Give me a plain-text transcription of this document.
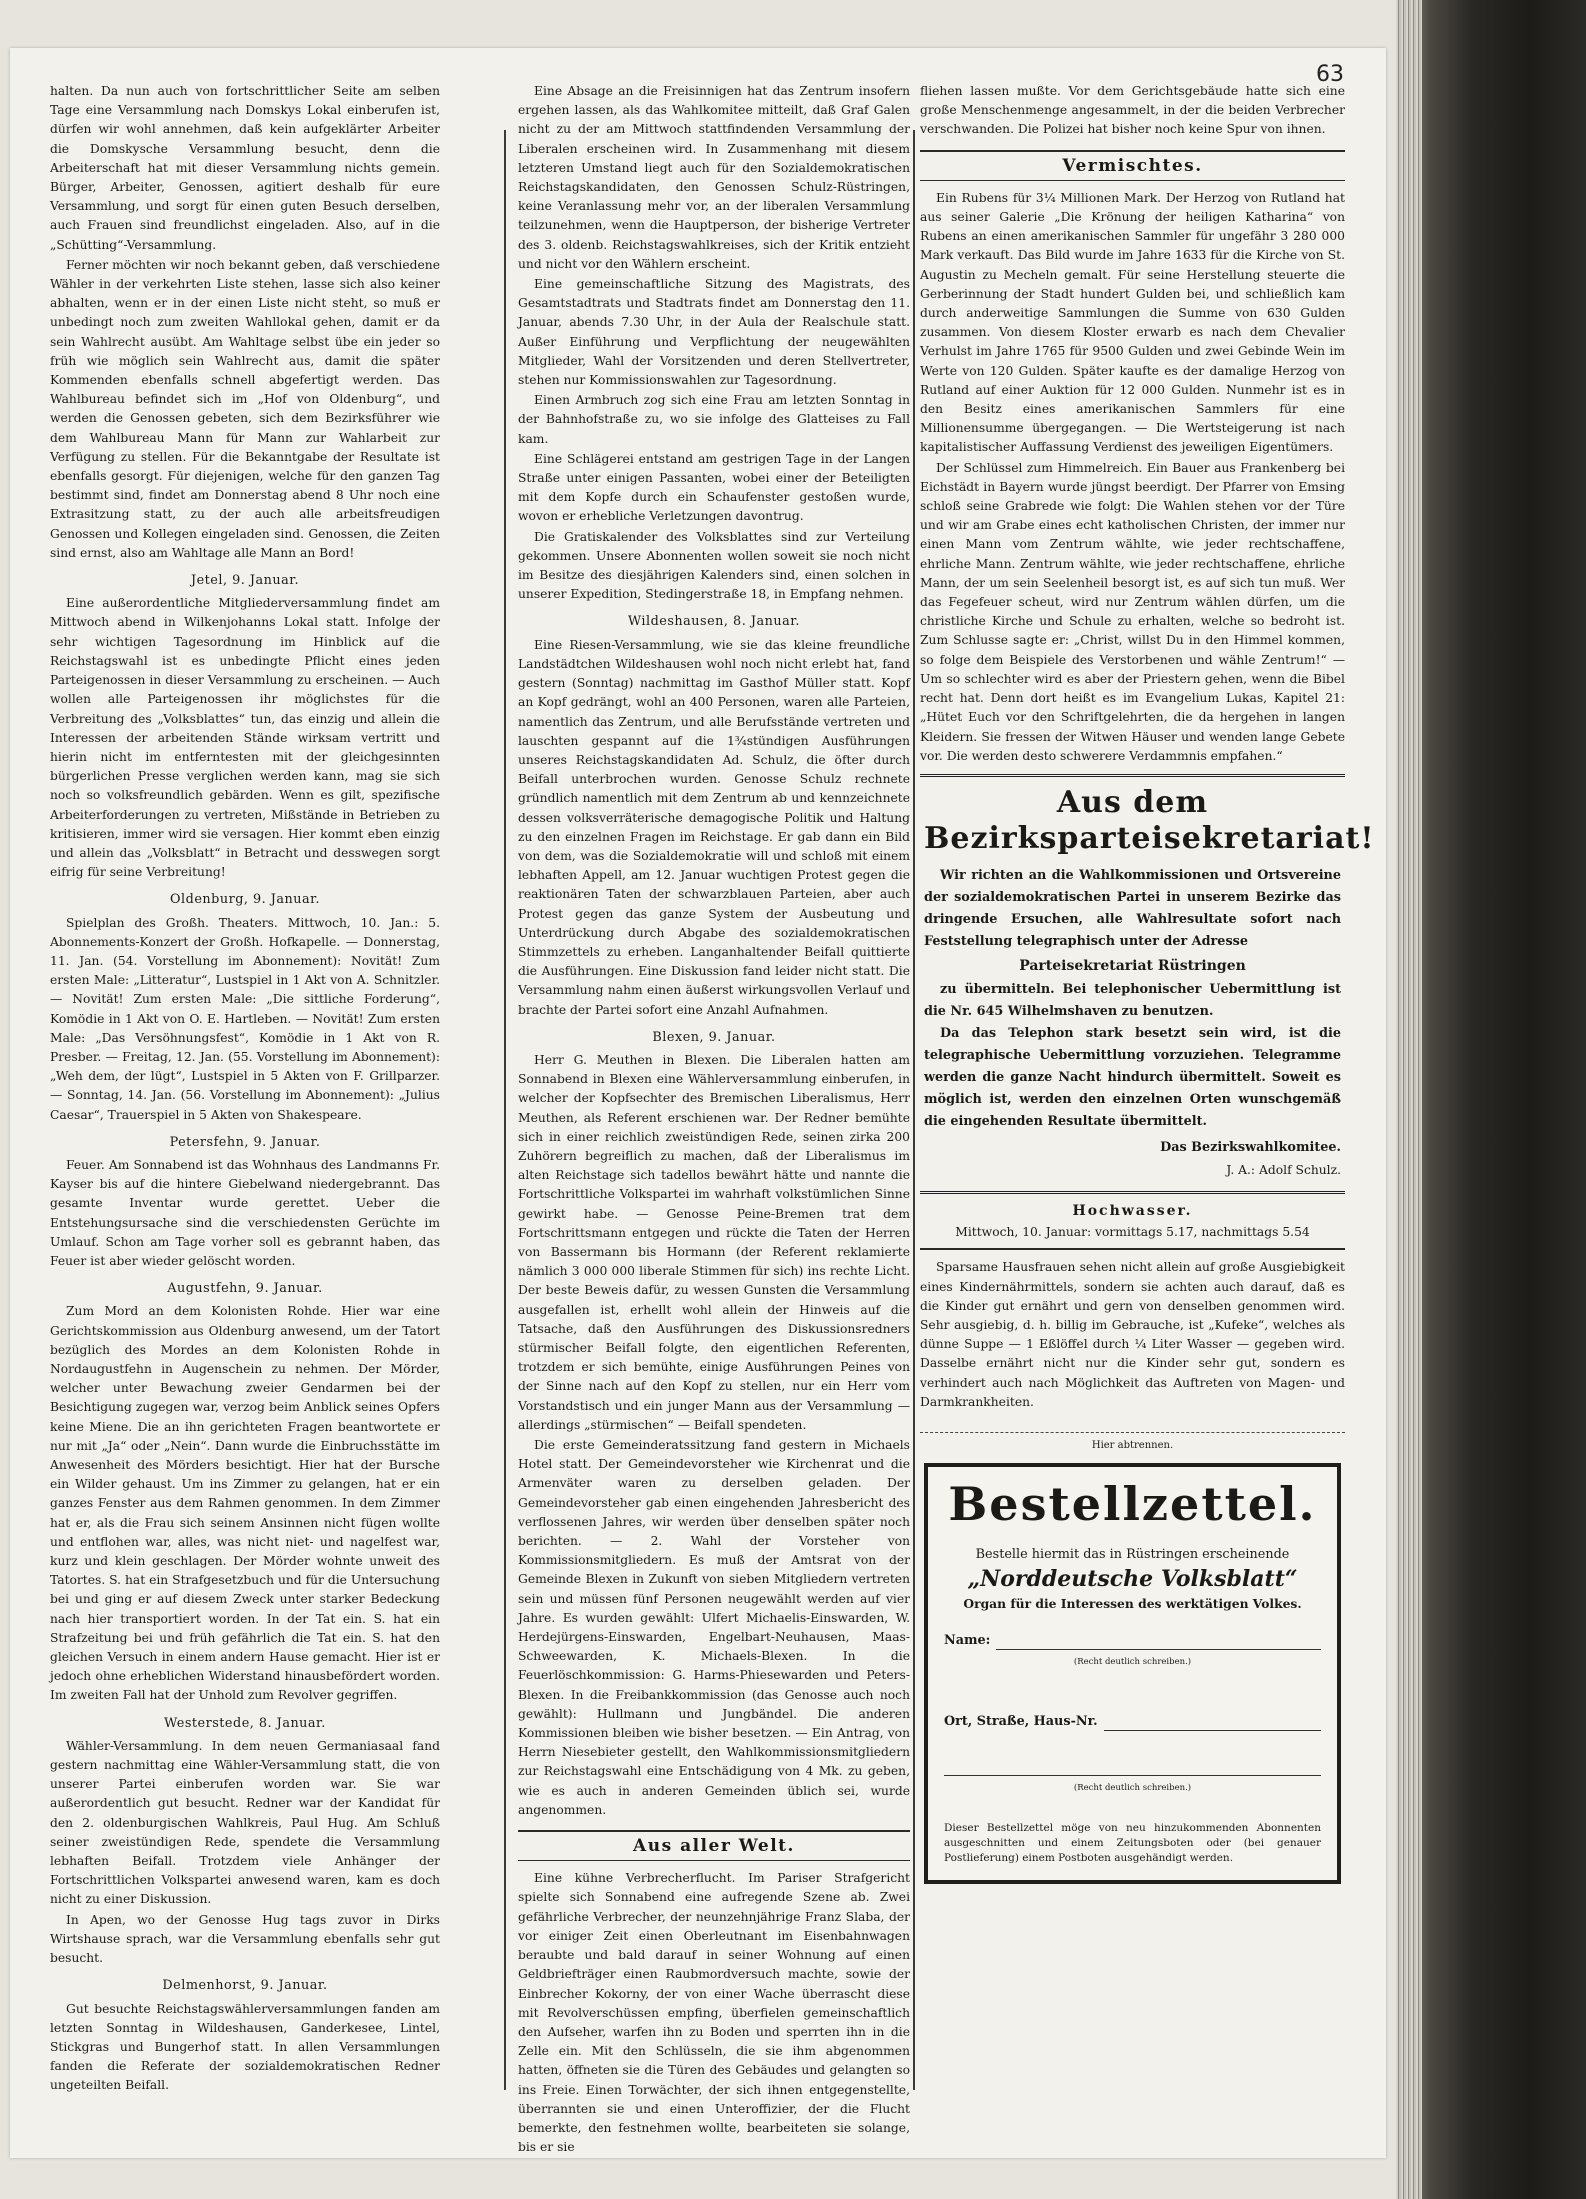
63

halten. Da nun auch von fortschrittlicher Seite am selben Tage eine Versammlung nach Domskys Lokal einberufen ist, dürfen wir wohl annehmen, daß kein aufgeklärter Arbeiter die Domskysche Versammlung besucht, denn die Arbeiterschaft hat mit dieser Versammlung nichts gemein. Bürger, Arbeiter, Genossen, agitiert deshalb für eure Versammlung, und sorgt für einen guten Besuch derselben, auch Frauen sind freundlichst eingeladen. Also, auf in die „Schütting“-Versammlung.

Ferner möchten wir noch bekannt geben, daß verschiedene Wähler in der verkehrten Liste stehen, lasse sich also keiner abhalten, wenn er in der einen Liste nicht steht, so muß er unbedingt noch zum zweiten Wahllokal gehen, damit er da sein Wahlrecht ausübt. Am Wahltage selbst übe ein jeder so früh wie möglich sein Wahlrecht aus, damit die später Kommenden ebenfalls schnell abgefertigt werden. Das Wahlbureau befindet sich im „Hof von Oldenburg“, und werden die Genossen gebeten, sich dem Bezirksführer wie dem Wahlbureau Mann für Mann zur Wahlarbeit zur Verfügung zu stellen. Für die Bekanntgabe der Resultate ist ebenfalls gesorgt. Für diejenigen, welche für den ganzen Tag bestimmt sind, findet am Donnerstag abend 8 Uhr noch eine Extrasitzung statt, zu der auch alle arbeitsfreudigen Genossen und Kollegen eingeladen sind. Genossen, die Zeiten sind ernst, also am Wahltage alle Mann an Bord!

Jetel, 9. Januar.

Eine außerordentliche Mitgliederversammlung findet am Mittwoch abend in Wilkenjohanns Lokal statt. Infolge der sehr wichtigen Tagesordnung im Hinblick auf die Reichstagswahl ist es unbedingte Pflicht eines jeden Parteigenossen in dieser Versammlung zu erscheinen. — Auch wollen alle Parteigenossen ihr möglichstes für die Verbreitung des „Volksblattes“ tun, das einzig und allein die Interessen der arbeitenden Stände wirksam vertritt und hierin nicht im entferntesten mit der gleichgesinnten bürgerlichen Presse verglichen werden kann, mag sie sich noch so volksfreundlich gebärden. Wenn es gilt, spezifische Arbeiterforderungen zu vertreten, Mißstände in Betrieben zu kritisieren, immer wird sie versagen. Hier kommt eben einzig und allein das „Volksblatt“ in Betracht und desswegen sorgt eifrig für seine Verbreitung!

Oldenburg, 9. Januar.

Spielplan des Großh. Theaters. Mittwoch, 10. Jan.: 5. Abonnements-Konzert der Großh. Hofkapelle. — Donnerstag, 11. Jan. (54. Vorstellung im Abonnement): Novität! Zum ersten Male: „Litteratur“, Lustspiel in 1 Akt von A. Schnitzler. — Novität! Zum ersten Male: „Die sittliche Forderung“, Komödie in 1 Akt von O. E. Hartleben. — Novität! Zum ersten Male: „Das Versöhnungsfest“, Komödie in 1 Akt von R. Presber. — Freitag, 12. Jan. (55. Vorstellung im Abonnement): „Weh dem, der lügt“, Lustspiel in 5 Akten von F. Grillparzer. — Sonntag, 14. Jan. (56. Vorstellung im Abonnement): „Julius Caesar“, Trauerspiel in 5 Akten von Shakespeare.

Petersfehn, 9. Januar.

Feuer. Am Sonnabend ist das Wohnhaus des Landmanns Fr. Kayser bis auf die hintere Giebelwand niedergebrannt. Das gesamte Inventar wurde gerettet. Ueber die Entstehungsursache sind die verschiedensten Gerüchte im Umlauf. Schon am Tage vorher soll es gebrannt haben, das Feuer ist aber wieder gelöscht worden.

Augustfehn, 9. Januar.

Zum Mord an dem Kolonisten Rohde. Hier war eine Gerichtskommission aus Oldenburg anwesend, um der Tatort bezüglich des Mordes an dem Kolonisten Rohde in Nordaugustfehn in Augenschein zu nehmen. Der Mörder, welcher unter Bewachung zweier Gendarmen bei der Besichtigung zugegen war, verzog beim Anblick seines Opfers keine Miene. Die an ihn gerichteten Fragen beantwortete er nur mit „Ja“ oder „Nein“. Dann wurde die Einbruchsstätte im Anwesenheit des Mörders besichtigt. Hier hat der Bursche ein Wilder gehaust. Um ins Zimmer zu gelangen, hat er ein ganzes Fenster aus dem Rahmen genommen. In dem Zimmer hat er, als die Frau sich seinem Ansinnen nicht fügen wollte und entflohen war, alles, was nicht niet- und nagelfest war, kurz und klein geschlagen. Der Mörder wohnte unweit des Tatortes. S. hat ein Strafgesetzbuch und für die Untersuchung bei und ging er auf diesem Zweck unter starker Bedeckung nach hier transportiert worden. In der Tat ein. S. hat ein Strafzeitung bei und früh gefährlich die Tat ein. S. hat den gleichen Versuch in einem andern Hause gemacht. Hier ist er jedoch ohne erheblichen Widerstand hinausbefördert worden. Im zweiten Fall hat der Unhold zum Revolver gegriffen.

Westerstede, 8. Januar.

Wähler-Versammlung. In dem neuen Germaniasaal fand gestern nachmittag eine Wähler-Versammlung statt, die von unserer Partei einberufen worden war. Sie war außerordentlich gut besucht. Redner war der Kandidat für den 2. oldenburgischen Wahlkreis, Paul Hug. Am Schluß seiner zweistündigen Rede, spendete die Versammlung lebhaften Beifall. Trotzdem viele Anhänger der Fortschrittlichen Volkspartei anwesend waren, kam es doch nicht zu einer Diskussion.

In Apen, wo der Genosse Hug tags zuvor in Dirks Wirtshause sprach, war die Versammlung ebenfalls sehr gut besucht.

Delmenhorst, 9. Januar.

Gut besuchte Reichstagswählerversammlungen fanden am letzten Sonntag in Wildeshausen, Ganderkesee, Lintel, Stickgras und Bungerhof statt. In allen Versammlungen fanden die Referate der sozialdemokratischen Redner ungeteilten Beifall.

Eine Absage an die Freisinnigen hat das Zentrum insofern ergehen lassen, als das Wahlkomitee mitteilt, daß Graf Galen nicht zu der am Mittwoch stattfindenden Versammlung der Liberalen erscheinen wird. In Zusammenhang mit diesem letzteren Umstand liegt auch für den Sozialdemokratischen Reichstagskandidaten, den Genossen Schulz-Rüstringen, keine Veranlassung mehr vor, an der liberalen Versammlung teilzunehmen, wenn die Hauptperson, der bisherige Vertreter des 3. oldenb. Reichstagswahlkreises, sich der Kritik entzieht und nicht vor den Wählern erscheint.

Eine gemeinschaftliche Sitzung des Magistrats, des Gesamtstadtrats und Stadtrats findet am Donnerstag den 11. Januar, abends 7.30 Uhr, in der Aula der Realschule statt. Außer Einführung und Verpflichtung der neugewählten Mitglieder, Wahl der Vorsitzenden und deren Stellvertreter, stehen nur Kommissionswahlen zur Tagesordnung.

Einen Armbruch zog sich eine Frau am letzten Sonntag in der Bahnhofstraße zu, wo sie infolge des Glatteises zu Fall kam.

Eine Schlägerei entstand am gestrigen Tage in der Langen Straße unter einigen Passanten, wobei einer der Beteiligten mit dem Kopfe durch ein Schaufenster gestoßen wurde, wovon er erhebliche Verletzungen davontrug.

Die Gratiskalender des Volksblattes sind zur Verteilung gekommen. Unsere Abonnenten wollen soweit sie noch nicht im Besitze des diesjährigen Kalenders sind, einen solchen in unserer Expedition, Stedingerstraße 18, in Empfang nehmen.

Wildeshausen, 8. Januar.

Eine Riesen-Versammlung, wie sie das kleine freundliche Landstädtchen Wildeshausen wohl noch nicht erlebt hat, fand gestern (Sonntag) nachmittag im Gasthof Müller statt. Kopf an Kopf gedrängt, wohl an 400 Personen, waren alle Parteien, namentlich das Zentrum, und alle Berufsstände vertreten und lauschten gespannt auf die 1¾stündigen Ausführungen unseres Reichstagskandidaten Ad. Schulz, die öfter durch Beifall unterbrochen wurden. Genosse Schulz rechnete gründlich namentlich mit dem Zentrum ab und kennzeichnete dessen volksverräterische demagogische Politik und Haltung zu den einzelnen Fragen im Reichstage. Er gab dann ein Bild von dem, was die Sozialdemokratie will und schloß mit einem lebhaften Appell, am 12. Januar wuchtigen Protest gegen die reaktionären Taten der schwarzblauen Parteien, aber auch Protest gegen das ganze System der Ausbeutung und Unterdrückung durch Abgabe des sozialdemokratischen Stimmzettels zu erheben. Langanhaltender Beifall quittierte die Ausführungen. Eine Diskussion fand leider nicht statt. Die Versammlung nahm einen äußerst wirkungsvollen Verlauf und brachte der Partei sofort eine Anzahl Aufnahmen.

Blexen, 9. Januar.

Herr G. Meuthen in Blexen. Die Liberalen hatten am Sonnabend in Blexen eine Wählerversammlung einberufen, in welcher der Kopfsechter des Bremischen Liberalismus, Herr Meuthen, als Referent erschienen war. Der Redner bemühte sich in einer reichlich zweistündigen Rede, seinen zirka 200 Zuhörern begreiflich zu machen, daß der Liberalismus im alten Reichstage sich tadellos bewährt hätte und nannte die Fortschrittliche Volkspartei im wahrhaft volkstümlichen Sinne gewirkt habe. — Genosse Peine-Bremen trat dem Fortschrittsmann entgegen und rückte die Taten der Herren von Bassermann bis Hormann (der Referent reklamierte nämlich 3 000 000 liberale Stimmen für sich) ins rechte Licht. Der beste Beweis dafür, zu wessen Gunsten die Versammlung ausgefallen ist, erhellt wohl allein der Hinweis auf die Tatsache, daß den Ausführungen des Diskussionsredners stürmischer Beifall folgte, den eigentlichen Referenten, trotzdem er sich bemühte, einige Ausführungen Peines von der Sinne nach auf den Kopf zu stellen, nur ein Herr vom Vorstandstisch und ein junger Mann aus der Versammlung — allerdings „stürmischen“ — Beifall spendeten.

Die erste Gemeinderatssitzung fand gestern in Michaels Hotel statt. Der Gemeindevorsteher wie Kirchenrat und die Armenväter waren zu derselben geladen. Der Gemeindevorsteher gab einen eingehenden Jahresbericht des verflossenen Jahres, wir werden über denselben später noch berichten. — 2. Wahl der Vorsteher von Kommissionsmitgliedern. Es muß der Amtsrat von der Gemeinde Blexen in Zukunft von sieben Mitgliedern vertreten sein und müssen fünf Personen neugewählt werden auf vier Jahre. Es wurden gewählt: Ulfert Michaelis-Einswarden, W. Herdejürgens-Einswarden, Engelbart-Neuhausen, Maas-Schweewarden, K. Michaels-Blexen. In die Feuerlöschkommission: G. Harms-Phiesewarden und Peters-Blexen. In die Freibankkommission (das Genosse auch noch gewählt): Hullmann und Jungbändel. Die anderen Kommissionen bleiben wie bisher besetzen. — Ein Antrag, von Herrn Niesebieter gestellt, den Wahlkommissionsmitgliedern zur Reichstagswahl eine Entschädigung von 4 Mk. zu geben, wie es auch in anderen Gemeinden üblich sei, wurde angenommen.

Aus aller Welt.

Eine kühne Verbrecherflucht. Im Pariser Strafgericht spielte sich Sonnabend eine aufregende Szene ab. Zwei gefährliche Verbrecher, der neunzehnjährige Franz Slaba, der vor einiger Zeit einen Oberleutnant im Eisenbahnwagen beraubte und bald darauf in seiner Wohnung auf einen Geldbriefträger einen Raubmordversuch machte, sowie der Einbrecher Kokorny, der von einer Wache überrascht diese mit Revolverschüssen empfing, überfielen gemeinschaftlich den Aufseher, warfen ihn zu Boden und sperrten ihn in die Zelle ein. Mit den Schlüsseln, die sie ihm abgenommen hatten, öffneten sie die Türen des Gebäudes und gelangten so ins Freie. Einen Torwächter, der sich ihnen entgegenstellte, überrannten sie und einen Unteroffizier, der die Flucht bemerkte, den festnehmen wollte, bearbeiteten sie solange, bis er sie

fliehen lassen mußte. Vor dem Gerichtsgebäude hatte sich eine große Menschenmenge angesammelt, in der die beiden Verbrecher verschwanden. Die Polizei hat bisher noch keine Spur von ihnen.

Vermischtes.

Ein Rubens für 3¼ Millionen Mark. Der Herzog von Rutland hat aus seiner Galerie „Die Krönung der heiligen Katharina“ von Rubens an einen amerikanischen Sammler für ungefähr 3 280 000 Mark verkauft. Das Bild wurde im Jahre 1633 für die Kirche von St. Augustin zu Mecheln gemalt. Für seine Herstellung steuerte die Gerberinnung der Stadt hundert Gulden bei, und schließlich kam durch anderweitige Sammlungen die Summe von 630 Gulden zusammen. Von diesem Kloster erwarb es nach dem Chevalier Verhulst im Jahre 1765 für 9500 Gulden und zwei Gebinde Wein im Werte von 120 Gulden. Später kaufte es der damalige Herzog von Rutland auf einer Auktion für 12 000 Gulden. Nunmehr ist es in den Besitz eines amerikanischen Sammlers für eine Millionensumme übergegangen. — Die Wertsteigerung ist nach kapitalistischer Auffassung Verdienst des jeweiligen Eigentümers.

Der Schlüssel zum Himmelreich. Ein Bauer aus Frankenberg bei Eichstädt in Bayern wurde jüngst beerdigt. Der Pfarrer von Emsing schloß seine Grabrede wie folgt: Die Wahlen stehen vor der Türe und wir am Grabe eines echt katholischen Christen, der immer nur einen Mann vom Zentrum wählte, wie jeder rechtschaffene, ehrliche Mann. Zentrum wählte, wie jeder rechtschaffene, ehrliche Mann, der um sein Seelenheil besorgt ist, es auf sich tun muß. Wer das Fegefeuer scheut, wird nur Zentrum wählen dürfen, um die christliche Kirche und Schule zu erhalten, welche so bedroht ist. Zum Schlusse sagte er: „Christ, willst Du in den Himmel kommen, so folge dem Beispiele des Verstorbenen und wähle Zentrum!“ — Um so schlechter wird es aber der Priestern gehen, wenn die Bibel recht hat. Denn dort heißt es im Evangelium Lukas, Kapitel 21: „Hütet Euch vor den Schriftgelehrten, die da hergehen in langen Kleidern. Sie fressen der Witwen Häuser und wenden lange Gebete vor. Die werden desto schwerere Verdammnis empfahen.“

Aus dem Bezirksparteisekretariat!

Wir richten an die Wahlkommissionen und Ortsvereine der sozialdemokratischen Partei in unserem Bezirke das dringende Ersuchen, alle Wahlresultate sofort nach Feststellung telegraphisch unter der Adresse

Parteisekretariat Rüstringen

zu übermitteln. Bei telephonischer Uebermittlung ist die Nr. 645 Wilhelmshaven zu benutzen.

Da das Telephon stark besetzt sein wird, ist die telegraphische Uebermittlung vorzuziehen. Telegramme werden die ganze Nacht hindurch übermittelt. Soweit es möglich ist, werden den einzelnen Orten wunschgemäß die eingehenden Resultate übermittelt.

Das Bezirkswahlkomitee.
J. A.: Adolf Schulz.
Hochwasser.
Mittwoch, 10. Januar: vormittags 5.17, nachmittags 5.54

Sparsame Hausfrauen sehen nicht allein auf große Ausgiebigkeit eines Kindernährmittels, sondern sie achten auch darauf, daß es die Kinder gut ernährt und gern von denselben genommen wird. Sehr ausgiebig, d. h. billig im Gebrauche, ist „Kufeke“, welches als dünne Suppe — 1 Eßlöffel durch ¼ Liter Wasser — gegeben wird. Dasselbe ernährt nicht nur die Kinder sehr gut, sondern es verhindert auch nach Möglichkeit das Auftreten von Magen- und Darmkrankheiten.

Hier abtrennen.
Bestellzettel.
Bestelle hiermit das in Rüstringen erscheinende
„Norddeutsche Volksblatt“
Organ für die Interessen des werktätigen Volkes.
Name:
(Recht deutlich schreiben.)
Ort, Straße, Haus-Nr.
(Recht deutlich schreiben.)
Dieser Bestellzettel möge von neu hinzukommenden Abonnenten ausgeschnitten und einem Zeitungsboten oder (bei genauer Postlieferung) einem Postboten ausgehändigt werden.
